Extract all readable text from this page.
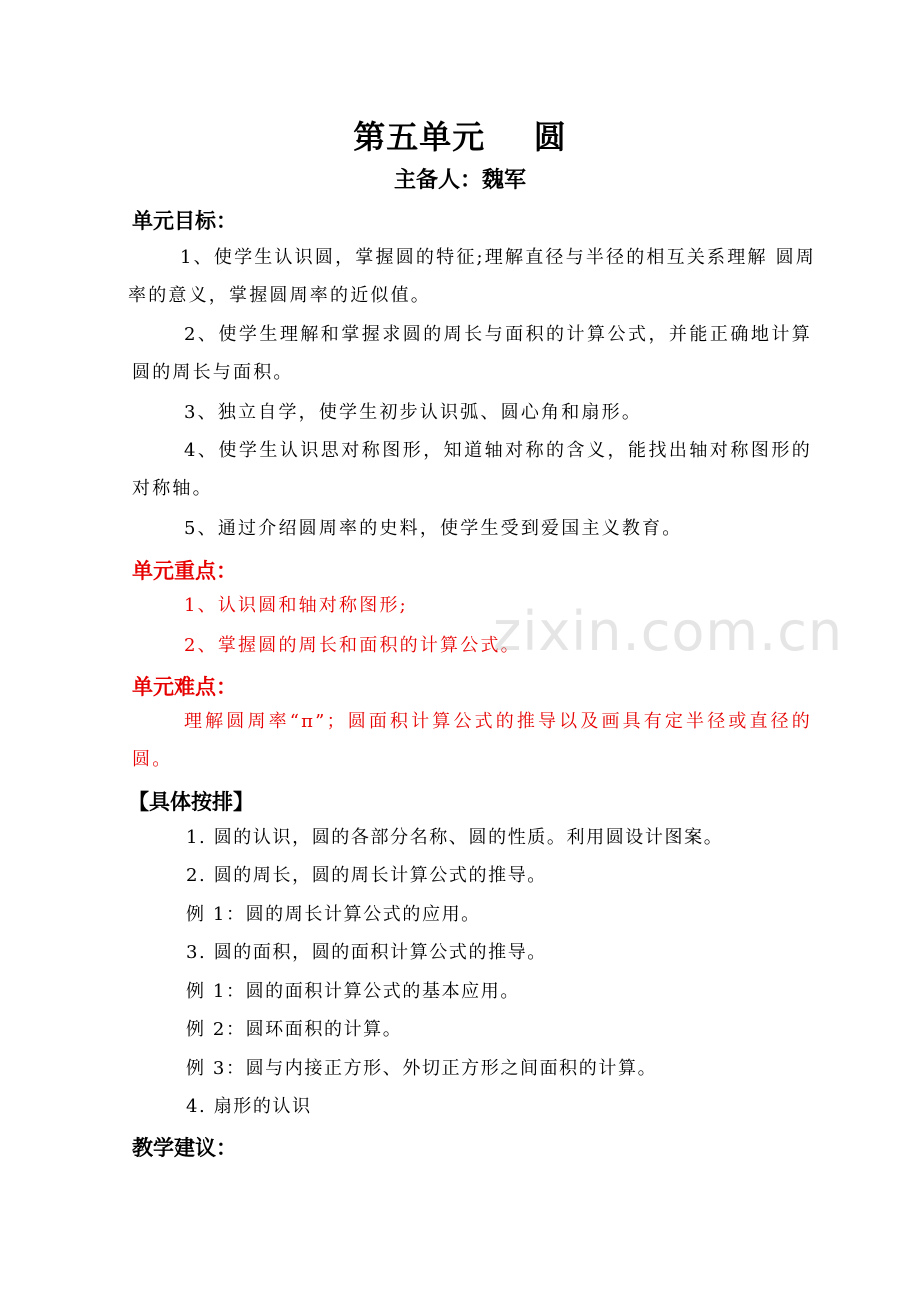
第五单元    圆
主备人：魏军
单元目标：
1、使学生认识圆，掌握圆的特征;理解直径与半径的相互关系理解 圆周率的意义，掌握圆周率的近似值。
2、使学生理解和掌握求圆的周长与面积的计算公式，并能正确地计算圆的周长与面积。
3、独立自学，使学生初步认识弧、圆心角和扇形。
4、使学生认识思对称图形，知道轴对称的含义，能找出轴对称图形的对称轴。
5、通过介绍圆周率的史料，使学生受到爱国主义教育。
单元重点：
1、认识圆和轴对称图形;
2、掌握圆的周长和面积的计算公式。
单元难点：
理解圆周率“π”；圆面积计算公式的推导以及画具有定半径或直径的圆。
【具体按排】
1. 圆的认识，圆的各部分名称、圆的性质。利用圆设计图案。
2. 圆的周长，圆的周长计算公式的推导。
例 1：圆的周长计算公式的应用。
3. 圆的面积，圆的面积计算公式的推导。
例 1：圆的面积计算公式的基本应用。
例 2：圆环面积的计算。
例 3：圆与内接正方形、外切正方形之间面积的计算。
4. 扇形的认识
教学建议：
zixin.com.cn
